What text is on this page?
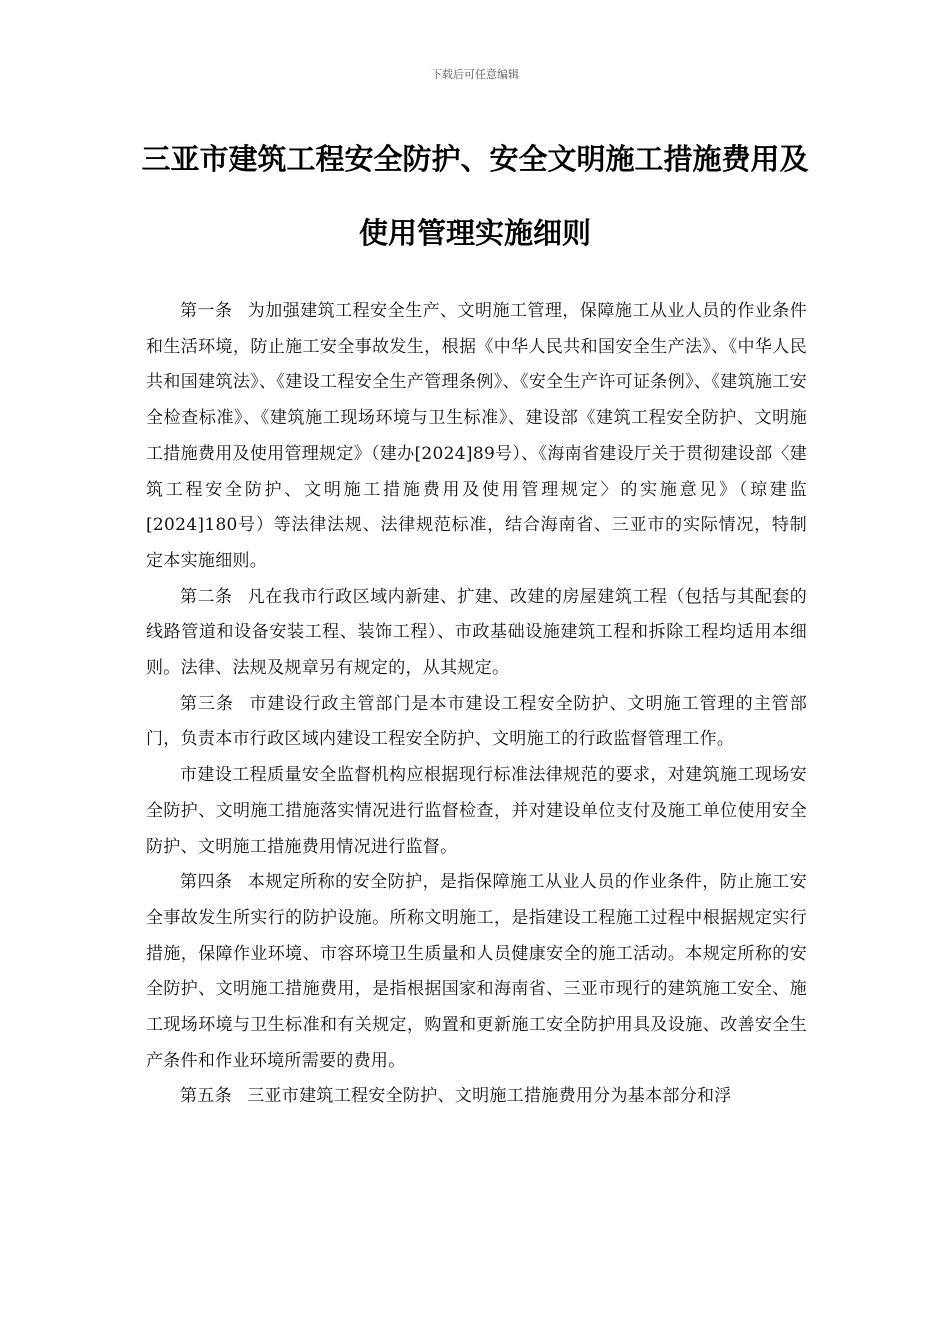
下载后可任意编辑
三亚市建筑工程安全防护、安全文明施工措施费用及
使用管理实施细则

第一条 为加强建筑工程安全生产、文明施工管理，保障施工从业人员的作业条件和生活环境，防止施工安全事故发生，根据《中华人民共和国安全生产法》、《中华人民共和国建筑法》、《建设工程安全生产管理条例》、《安全生产许可证条例》、《建筑施工安全检查标准》、《建筑施工现场环境与卫生标准》、建设部《建筑工程安全防护、文明施工措施费用及使用管理规定》（建办[2024]89号）、《海南省建设厅关于贯彻建设部〈建筑工程安全防护、文明施工措施费用及使用管理规定〉的实施意见》（琼建监[2024]180号）等法律法规、法律规范标准，结合海南省、三亚市的实际情况，特制定本实施细则。

第二条 凡在我市行政区域内新建、扩建、改建的房屋建筑工程（包括与其配套的线路管道和设备安装工程、装饰工程）、市政基础设施建筑工程和拆除工程均适用本细则。法律、法规及规章另有规定的，从其规定。

第三条 市建设行政主管部门是本市建设工程安全防护、文明施工管理的主管部门，负责本市行政区域内建设工程安全防护、文明施工的行政监督管理工作。

市建设工程质量安全监督机构应根据现行标准法律规范的要求，对建筑施工现场安全防护、文明施工措施落实情况进行监督检查，并对建设单位支付及施工单位使用安全防护、文明施工措施费用情况进行监督。

第四条 本规定所称的安全防护，是指保障施工从业人员的作业条件，防止施工安全事故发生所实行的防护设施。所称文明施工，是指建设工程施工过程中根据规定实行措施，保障作业环境、市容环境卫生质量和人员健康安全的施工活动。本规定所称的安全防护、文明施工措施费用，是指根据国家和海南省、三亚市现行的建筑施工安全、施工现场环境与卫生标准和有关规定，购置和更新施工安全防护用具及设施、改善安全生产条件和作业环境所需要的费用。

第五条 三亚市建筑工程安全防护、文明施工措施费用分为基本部分和浮
